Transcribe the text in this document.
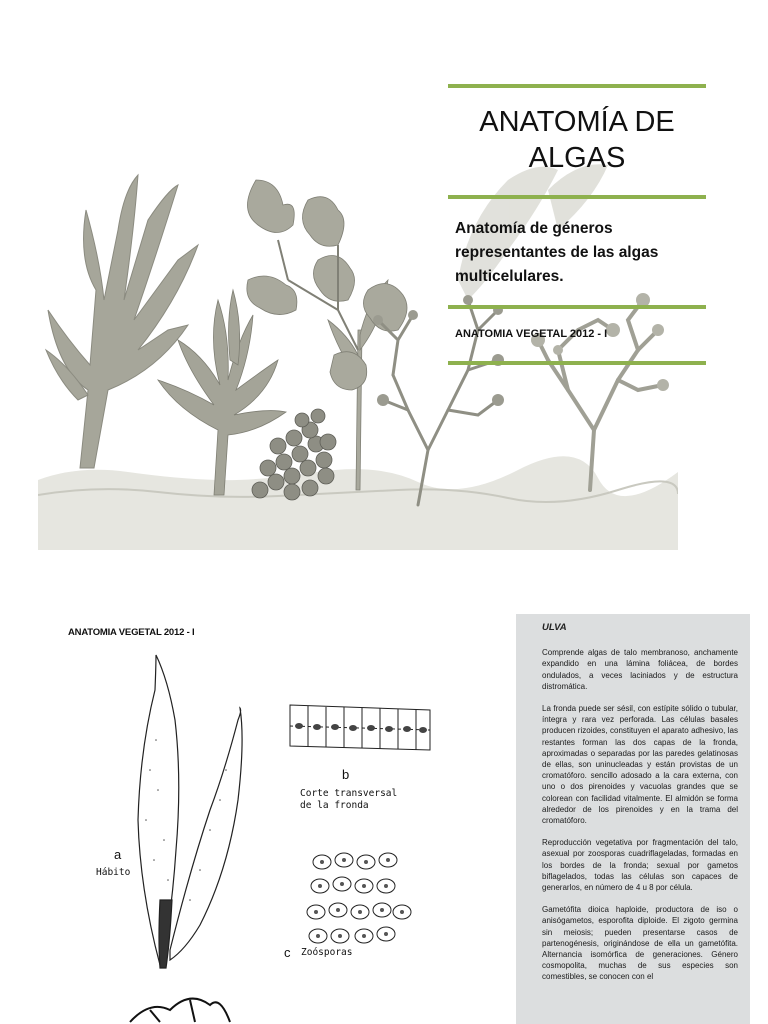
ANATOMÍA DE
ALGAS
Anatomía de géneros representantes de las algas multicelulares.
ANATOMIA VEGETAL 2012 - I
ANATOMIA VEGETAL 2012 - I
a
Hábito
b
Corte transversal
de la fronda
c Zoósporas
ULVA

Comprende algas de talo membranoso, anchamente expandido en una lámina foliácea, de bordes ondulados, a veces laciniados y de estructura distromática.

La fronda puede ser sésil, con estípite sólido o tubular, íntegra y rara vez perforada. Las células basales producen rizoides, constituyen el aparato adhesivo, las restantes forman las dos capas de la fronda, aproximadas o separadas por las paredes gelatinosas de ellas, son uninucleadas y están provistas de un cromatóforo. sencillo adosado a la cara externa, con uno o dos pirenoides y vacuolas grandes que se colorean con facilidad vitalmente. El almidón se forma alrededor de los pirenoides y en la trama del cromatóforo.

Reproducción vegetativa por fragmentación del talo, asexual por zoosporas cuadriflageladas, formadas en los bordes de la fronda; sexual por gametos biflagelados, todas las células son capaces de generarlos, en número de 4 u 8 por célula.

Gametófita dioica haploide, productora de iso o anisógametos, esporofita diploide. El zigoto germina sin meiosis; pueden presentarse casos de partenogénesis, originándose de ella un gametófita. Alternancia isomórfica de generaciones. Género cosmopolita, muchas de sus especies son comestibles, se conocen con el
